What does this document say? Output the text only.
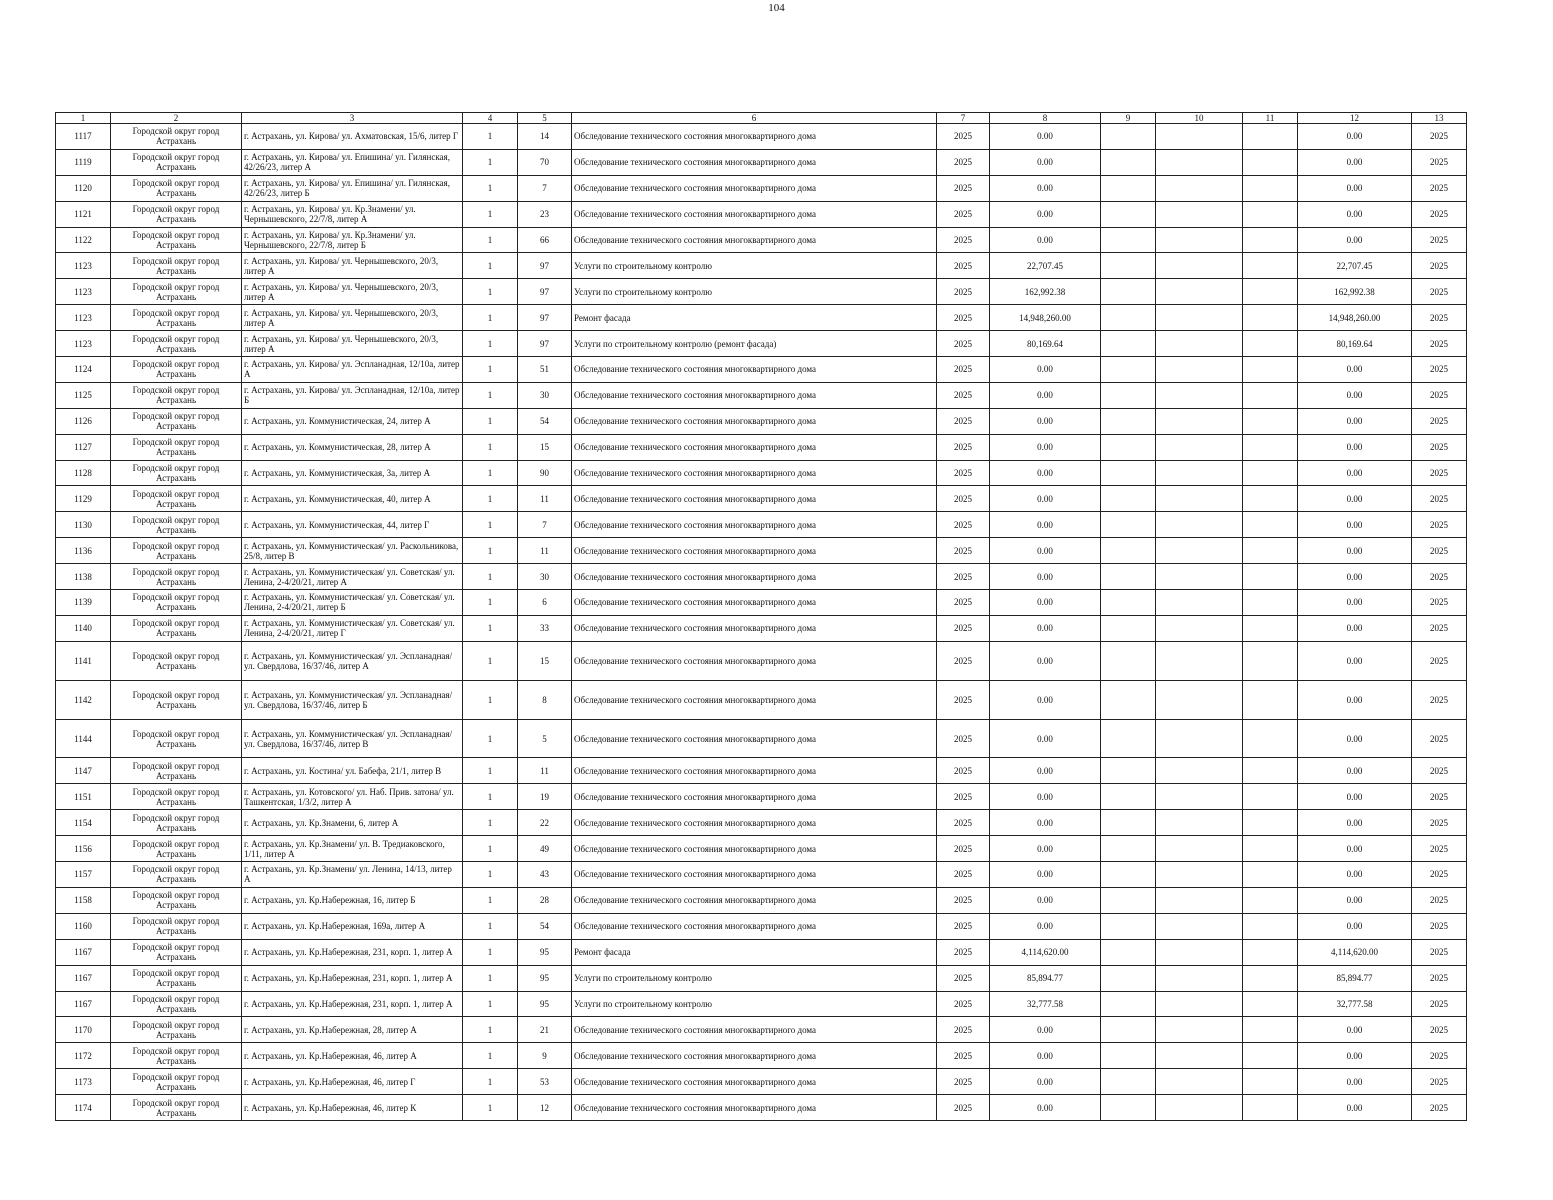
104
1	2	3	4	5	6	7	8	9	10	11	12	13
1117	Городской округ город Астрахань	г. Астрахань, ул. Кирова/ ул. Ахматовская, 15/6, литер Г	1	14	Обследование технического состояния многоквартирного дома	2025	0.00				0.00	2025
1119	Городской округ город Астрахань	г. Астрахань, ул. Кирова/ ул. Епишина/ ул. Гилянская, 42/26/23, литер А	1	70	Обследование технического состояния многоквартирного дома	2025	0.00				0.00	2025
1120	Городской округ город Астрахань	г. Астрахань, ул. Кирова/ ул. Епишина/ ул. Гилянская, 42/26/23, литер Б	1	7	Обследование технического состояния многоквартирного дома	2025	0.00				0.00	2025
1121	Городской округ город Астрахань	г. Астрахань, ул. Кирова/ ул. Кр.Знамени/ ул. Чернышевского, 22/7/8, литер А	1	23	Обследование технического состояния многоквартирного дома	2025	0.00				0.00	2025
1122	Городской округ город Астрахань	г. Астрахань, ул. Кирова/ ул. Кр.Знамени/ ул. Чернышевского, 22/7/8, литер Б	1	66	Обследование технического состояния многоквартирного дома	2025	0.00				0.00	2025
1123	Городской округ город Астрахань	г. Астрахань, ул. Кирова/ ул. Чернышевского, 20/3, литер А	1	97	Услуги по строительному контролю	2025	22,707.45				22,707.45	2025
1123	Городской округ город Астрахань	г. Астрахань, ул. Кирова/ ул. Чернышевского, 20/3, литер А	1	97	Услуги по строительному контролю	2025	162,992.38				162,992.38	2025
1123	Городской округ город Астрахань	г. Астрахань, ул. Кирова/ ул. Чернышевского, 20/3, литер А	1	97	Ремонт фасада	2025	14,948,260.00				14,948,260.00	2025
1123	Городской округ город Астрахань	г. Астрахань, ул. Кирова/ ул. Чернышевского, 20/3, литер А	1	97	Услуги по строительному контролю (ремонт фасада)	2025	80,169.64				80,169.64	2025
1124	Городской округ город Астрахань	г. Астрахань, ул. Кирова/ ул. Эспланадная, 12/10а, литер А	1	51	Обследование технического состояния многоквартирного дома	2025	0.00				0.00	2025
1125	Городской округ город Астрахань	г. Астрахань, ул. Кирова/ ул. Эспланадная, 12/10а, литер Б	1	30	Обследование технического состояния многоквартирного дома	2025	0.00				0.00	2025
1126	Городской округ город Астрахань	г. Астрахань, ул. Коммунистическая, 24, литер А	1	54	Обследование технического состояния многоквартирного дома	2025	0.00				0.00	2025
1127	Городской округ город Астрахань	г. Астрахань, ул. Коммунистическая, 28, литер А	1	15	Обследование технического состояния многоквартирного дома	2025	0.00				0.00	2025
1128	Городской округ город Астрахань	г. Астрахань, ул. Коммунистическая, 3а, литер А	1	90	Обследование технического состояния многоквартирного дома	2025	0.00				0.00	2025
1129	Городской округ город Астрахань	г. Астрахань, ул. Коммунистическая, 40, литер А	1	11	Обследование технического состояния многоквартирного дома	2025	0.00				0.00	2025
1130	Городской округ город Астрахань	г. Астрахань, ул. Коммунистическая, 44, литер Г	1	7	Обследование технического состояния многоквартирного дома	2025	0.00				0.00	2025
1136	Городской округ город Астрахань	г. Астрахань, ул. Коммунистическая/ ул. Раскольникова, 25/8, литер В	1	11	Обследование технического состояния многоквартирного дома	2025	0.00				0.00	2025
1138	Городской округ город Астрахань	г. Астрахань, ул. Коммунистическая/ ул. Советская/ ул. Ленина, 2-4/20/21, литер А	1	30	Обследование технического состояния многоквартирного дома	2025	0.00				0.00	2025
1139	Городской округ город Астрахань	г. Астрахань, ул. Коммунистическая/ ул. Советская/ ул. Ленина, 2-4/20/21, литер Б	1	6	Обследование технического состояния многоквартирного дома	2025	0.00				0.00	2025
1140	Городской округ город Астрахань	г. Астрахань, ул. Коммунистическая/ ул. Советская/ ул. Ленина, 2-4/20/21, литер Г	1	33	Обследование технического состояния многоквартирного дома	2025	0.00				0.00	2025
1141	Городской округ город Астрахань	г. Астрахань, ул. Коммунистическая/ ул. Эспланадная/ ул. Свердлова, 16/37/46, литер А	1	15	Обследование технического состояния многоквартирного дома	2025	0.00				0.00	2025
1142	Городской округ город Астрахань	г. Астрахань, ул. Коммунистическая/ ул. Эспланадная/ ул. Свердлова, 16/37/46, литер Б	1	8	Обследование технического состояния многоквартирного дома	2025	0.00				0.00	2025
1144	Городской округ город Астрахань	г. Астрахань, ул. Коммунистическая/ ул. Эспланадная/ ул. Свердлова, 16/37/46, литер В	1	5	Обследование технического состояния многоквартирного дома	2025	0.00				0.00	2025
1147	Городской округ город Астрахань	г. Астрахань, ул. Костина/ ул. Бабефа, 21/1, литер В	1	11	Обследование технического состояния многоквартирного дома	2025	0.00				0.00	2025
1151	Городской округ город Астрахань	г. Астрахань, ул. Котовского/ ул. Наб. Прив. затона/ ул. Ташкентская, 1/3/2, литер А	1	19	Обследование технического состояния многоквартирного дома	2025	0.00				0.00	2025
1154	Городской округ город Астрахань	г. Астрахань, ул. Кр.Знамени, 6, литер А	1	22	Обследование технического состояния многоквартирного дома	2025	0.00				0.00	2025
1156	Городской округ город Астрахань	г. Астрахань, ул. Кр.Знамени/ ул. В. Тредиаковского, 1/11, литер А	1	49	Обследование технического состояния многоквартирного дома	2025	0.00				0.00	2025
1157	Городской округ город Астрахань	г. Астрахань, ул. Кр.Знамени/ ул. Ленина, 14/13, литер А	1	43	Обследование технического состояния многоквартирного дома	2025	0.00				0.00	2025
1158	Городской округ город Астрахань	г. Астрахань, ул. Кр.Набережная, 16, литер Б	1	28	Обследование технического состояния многоквартирного дома	2025	0.00				0.00	2025
1160	Городской округ город Астрахань	г. Астрахань, ул. Кр.Набережная, 169а, литер А	1	54	Обследование технического состояния многоквартирного дома	2025	0.00				0.00	2025
1167	Городской округ город Астрахань	г. Астрахань, ул. Кр.Набережная, 231, корп. 1, литер А	1	95	Ремонт фасада	2025	4,114,620.00				4,114,620.00	2025
1167	Городской округ город Астрахань	г. Астрахань, ул. Кр.Набережная, 231, корп. 1, литер А	1	95	Услуги по строительному контролю	2025	85,894.77				85,894.77	2025
1167	Городской округ город Астрахань	г. Астрахань, ул. Кр.Набережная, 231, корп. 1, литер А	1	95	Услуги по строительному контролю	2025	32,777.58				32,777.58	2025
1170	Городской округ город Астрахань	г. Астрахань, ул. Кр.Набережная, 28, литер А	1	21	Обследование технического состояния многоквартирного дома	2025	0.00				0.00	2025
1172	Городской округ город Астрахань	г. Астрахань, ул. Кр.Набережная, 46, литер А	1	9	Обследование технического состояния многоквартирного дома	2025	0.00				0.00	2025
1173	Городской округ город Астрахань	г. Астрахань, ул. Кр.Набережная, 46, литер Г	1	53	Обследование технического состояния многоквартирного дома	2025	0.00				0.00	2025
1174	Городской округ город Астрахань	г. Астрахань, ул. Кр.Набережная, 46, литер К	1	12	Обследование технического состояния многоквартирного дома	2025	0.00				0.00	2025
